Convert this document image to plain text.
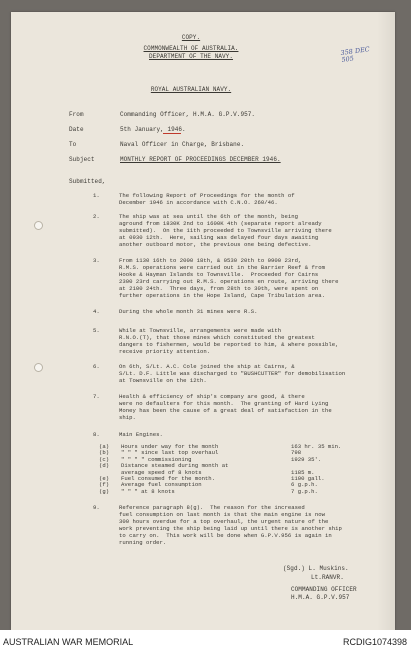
COPY.
COMMONWEALTH OF AUSTRALIA.
DEPARTMENT OF THE NAVY.	358 DEC 505
ROYAL AUSTRALIAN NAVY.
From	Commanding Officer, H.M.A. G.P.V.957.
Date	5th January, 1946.
To	Naval Officer in Charge, Brisbane.
Subject	MONTHLY REPORT OF PROCEEDINGS DECEMBER 1946.
Submitted,
1.	The following Report of Proceedings for the month of
December 1946 in accordance with C.N.O. 260/46.
2.	The ship was at sea until the 6th of the month, being
aground from 1830K 2nd to 1600K 4th (separate report already
submitted).  On the 11th proceeded to Townsville arriving there
at 0930 12th.  Here, sailing was delayed four days awaiting
another outboard motor, the previous one being defective.
3.	From 1130 16th to 2000 18th, & 0530 20th to 0900 23rd,
R.M.S. operations were carried out in the Barrier Reef & from
Hooke & Hayman Islands to Townsville.  Proceeded for Cairns
2300 23rd carrying out R.M.S. operations en route, arriving there
at 2100 24th.  Three days, from 28th to 30th, were spent on
further operations in the Hope Island, Cape Tribulation area.
4.	During the whole month 31 mines were R.S.
5.	While at Townsville, arrangements were made with
R.N.O.(T), that those mines which constituted the greatest
dangers to fishermen, would be reported to him, & where possible,
receive priority attention.
6.	On 6th, S/Lt. A.C. Cole joined the ship at Cairns, &
S/Lt. D.F. Little was discharged to "BUSHCUTTER" for demobilisation
at Townsville on the 12th.
7.	Health & efficiency of ship's company are good, & there
were no defaulters for this month.  The granting of Hard Lying
Money has been the cause of a great deal of satisfaction in the
ship.
8.	Main Engines.
(a)	Hours under way for the month	163 hr. 35 min.
(b)	" " " since last top overhaul	798
(c)	" " " " commissioning	1929 35'.
(d)	Distance steamed during month at	
	average speed of 8 knots	1185 m.
(e)	Fuel consumed for the month.	1100 gall.
(f)	Average fuel consumption	6 g.p.h.
(g)	" " " at 8 knots	7 g.p.h.
9.	Reference paragraph 8(g).  The reason for the increased
fuel consumption on last month is that the main engine is now
300 hours overdue for a top overhaul, the urgent nature of the
work preventing the ship being laid up until there is another ship
to carry on.  This work will be done when G.P.V.956 is again in
running order.
(Sgd.) L. Muskins.
Lt.RANVR.
COMMANDING OFFICER
H.M.A. G.P.V.957
AUSTRALIAN WAR MEMORIAL	RCDIG1074398
